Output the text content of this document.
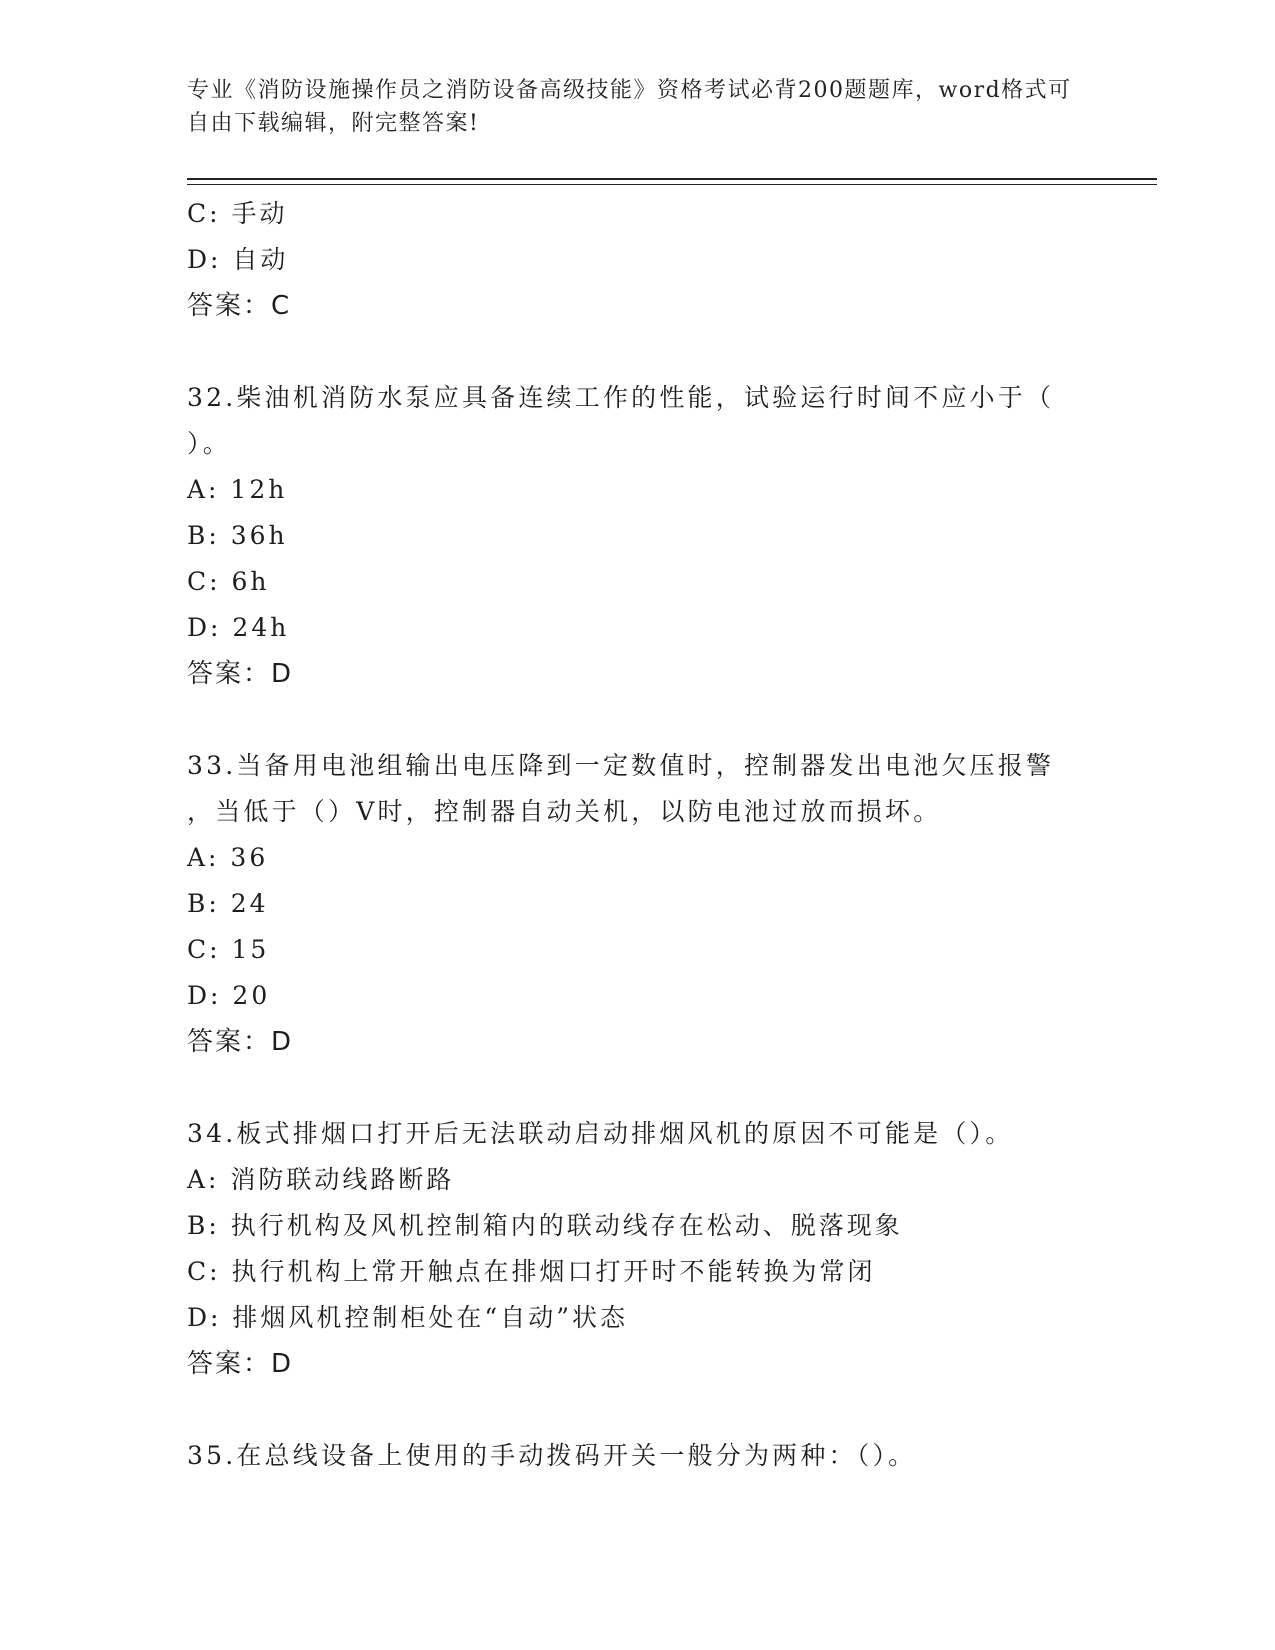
专业《消防设施操作员之消防设备高级技能》资格考试必背200题题库，word格式可自由下载编辑，附完整答案!
C: 手动
D: 自动
答案：C
32.柴油机消防水泵应具备连续工作的性能，试验运行时间不应小于（
）。
A: 12h
B: 36h
C: 6h
D: 24h
答案：D
33.当备用电池组输出电压降到一定数值时，控制器发出电池欠压报警
，当低于（）V时，控制器自动关机，以防电池过放而损坏。
A: 36
B: 24
C: 15
D: 20
答案：D
34.板式排烟口打开后无法联动启动排烟风机的原因不可能是（）。
A: 消防联动线路断路
B: 执行机构及风机控制箱内的联动线存在松动、脱落现象
C: 执行机构上常开触点在排烟口打开时不能转换为常闭
D: 排烟风机控制柜处在“自动”状态
答案：D
35.在总线设备上使用的手动拨码开关一般分为两种：（）。
